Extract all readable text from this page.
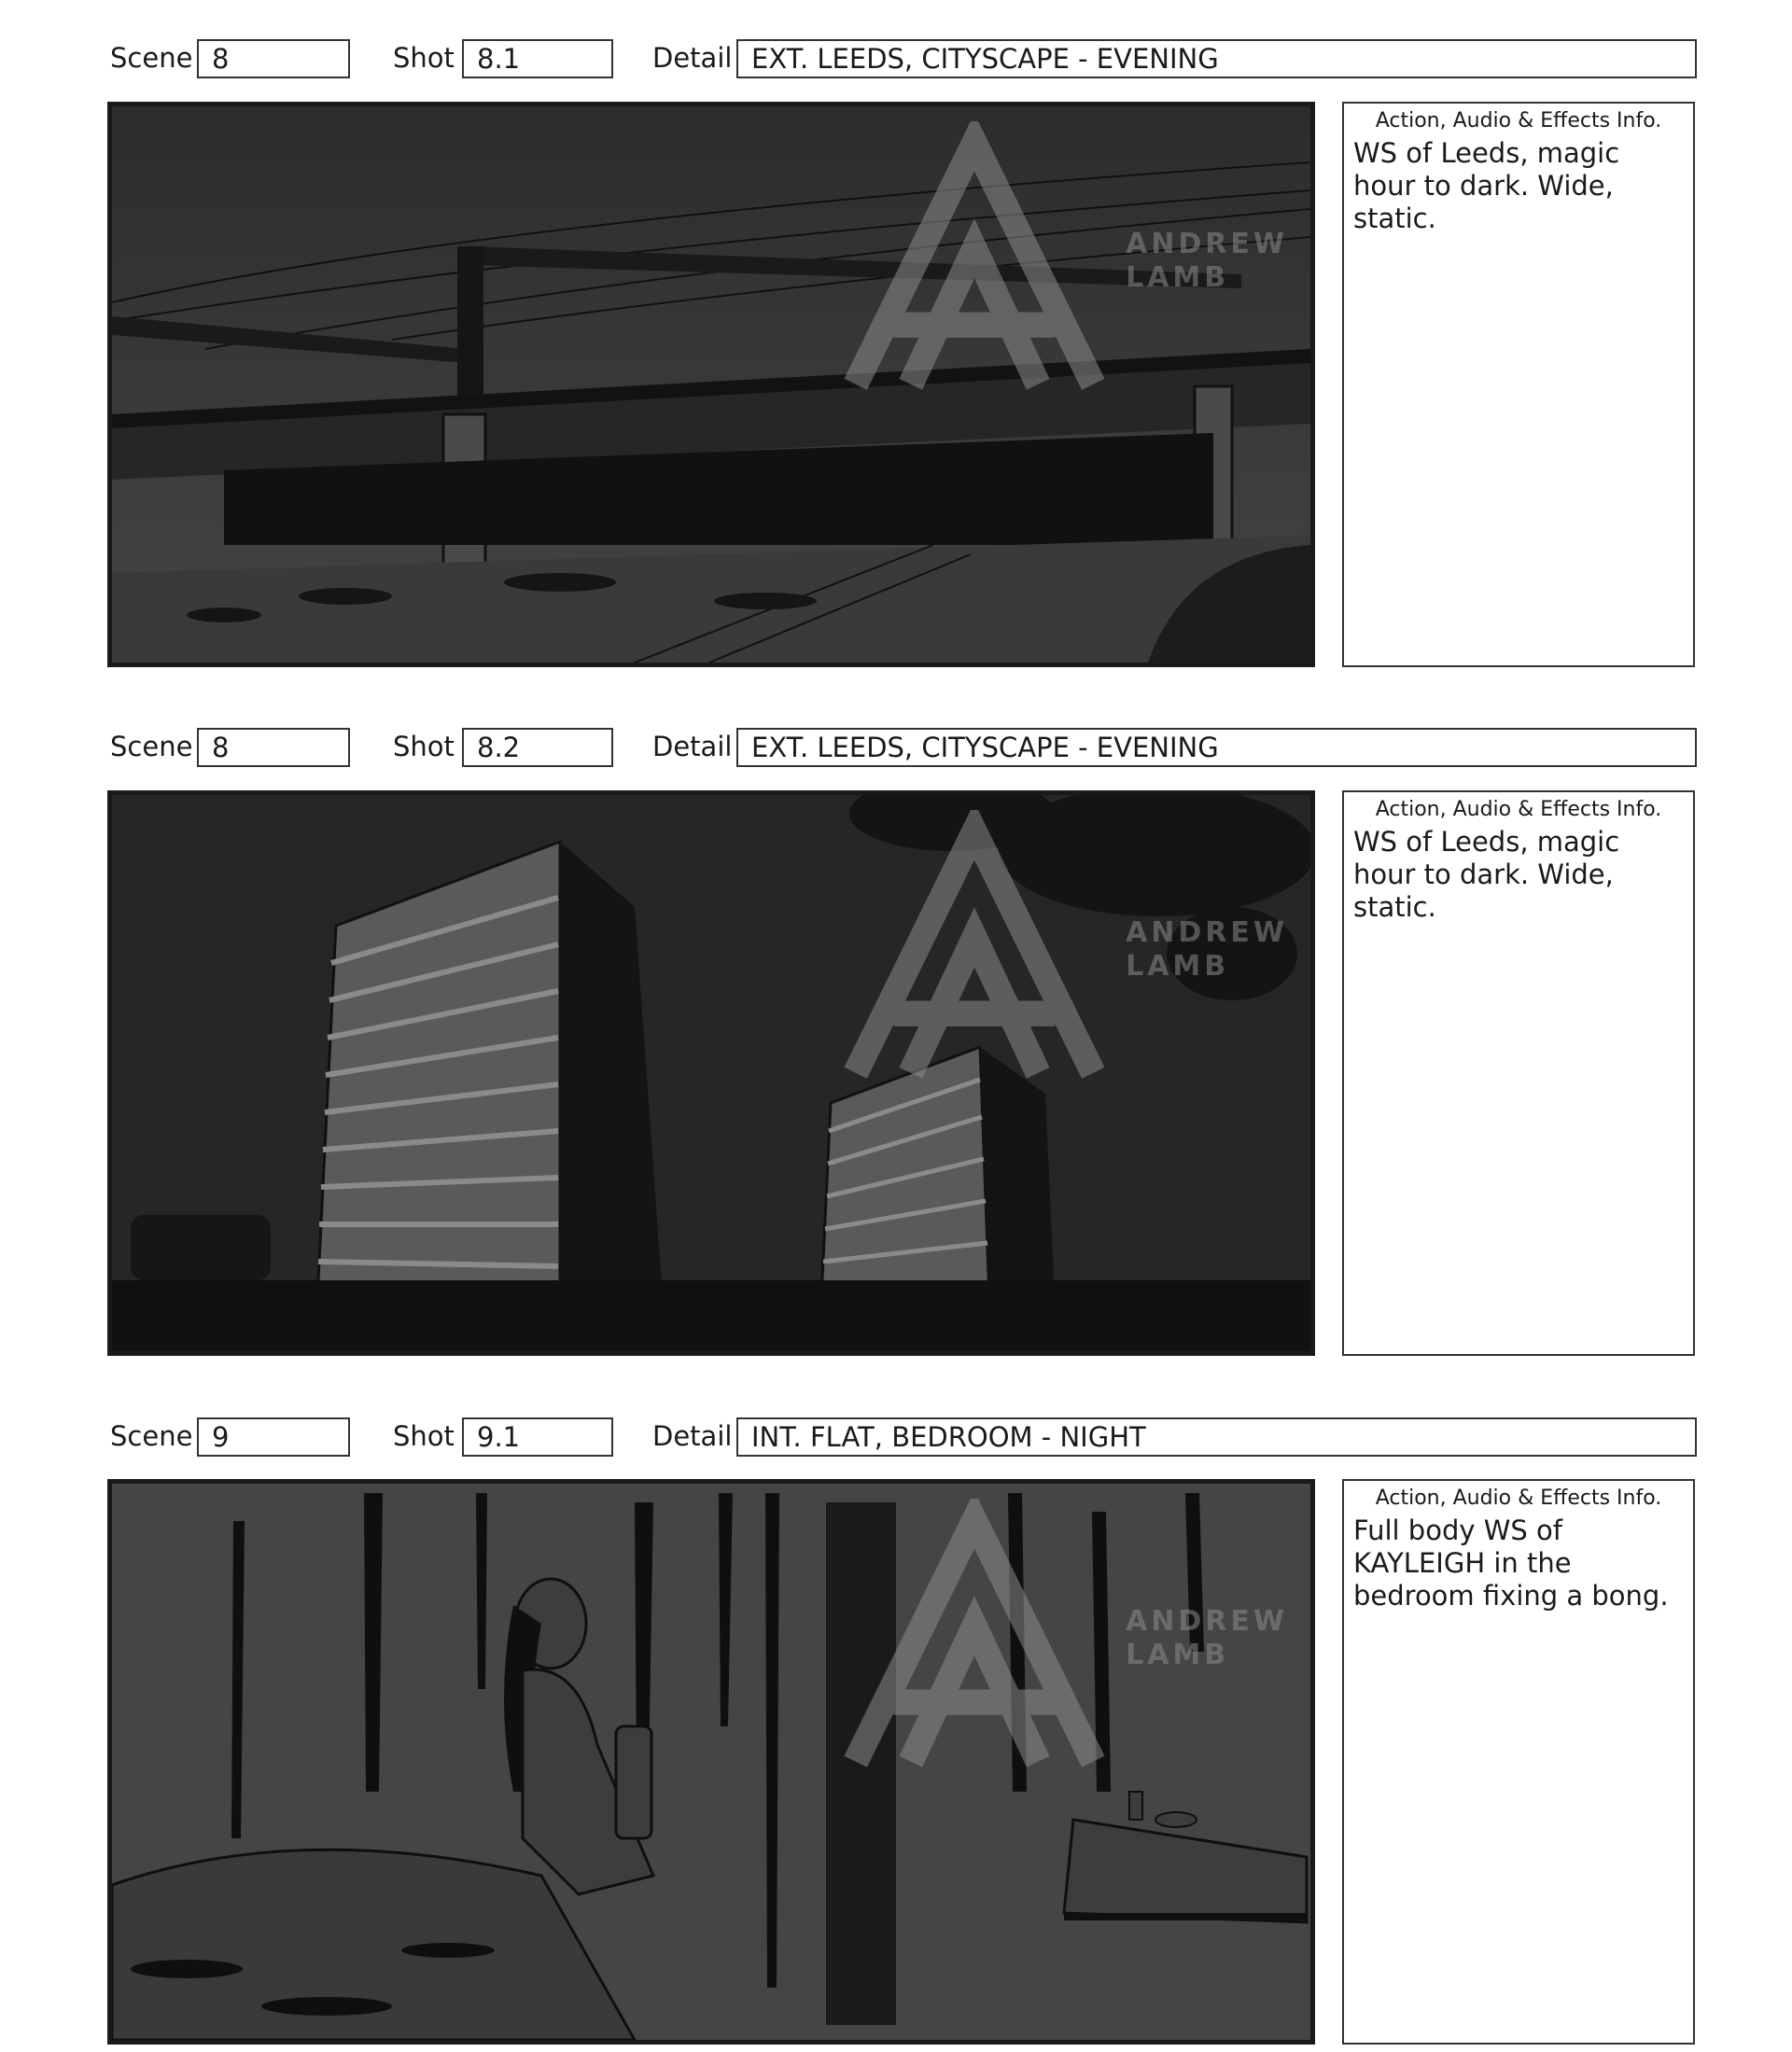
Scene 8	Shot 8.1	Detail EXT. LEEDS, CITYSCAPE - EVENING
ANDREW
LAMB
Action, Audio & Effects Info.
WS of Leeds, magic hour to dark. Wide, static.
Scene 8	Shot 8.2	Detail EXT. LEEDS, CITYSCAPE - EVENING
ANDREW
LAMB
Action, Audio & Effects Info.
WS of Leeds, magic hour to dark. Wide, static.
Scene 9	Shot 9.1	Detail INT. FLAT, BEDROOM - NIGHT
ANDREW
LAMB
Action, Audio & Effects Info.
Full body WS of KAYLEIGH in the bedroom fixing a bong.
